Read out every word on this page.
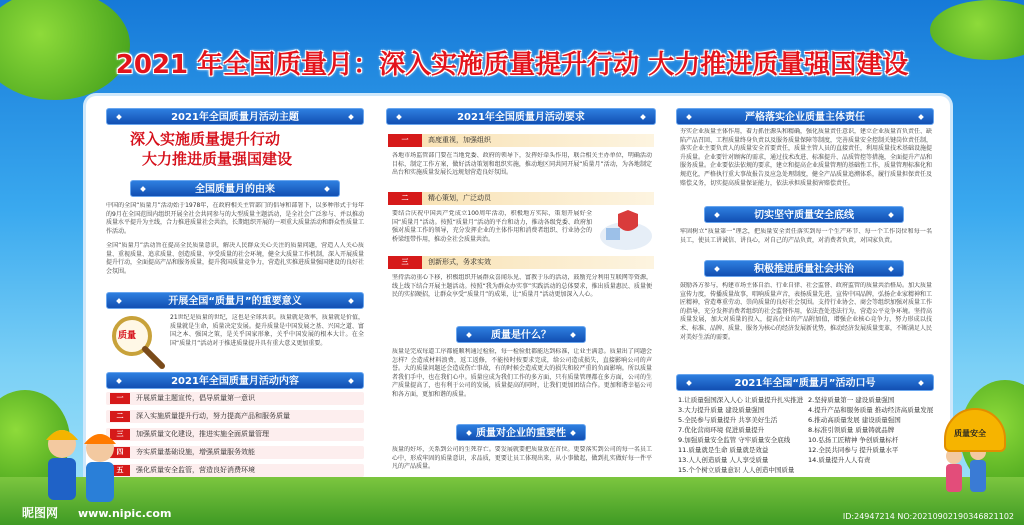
2021 年全国质量月：深入实施质量提升行动 大力推进质量强国建设
2021年全国质量月活动主题
深入实施质量提升行动
大力推进质量强国建设
全国质量月的由来
中国的全国“质量月”活动始于1978年，在政府相关主管部门的倡导和部署下，以多种形式于每年的9月在全国范围内组织开展全社会共同参与的大型质量主题活动，是全社会广泛参与、并以推动质量水平提升为主线，合力推进质量社会共治，长期组织开展的一项重大质量活动和群众性质量工作活动。
全国“质量月”活动旨在提高全民质量意识，解决人民群众关心关注的质量问题，营造人人关心质量、重视质量、追求质量、创造质量、享受质量的社会环境，健全大质量工作机制，深入开展质量提升行动，全面提高产品和服务质量，提升我国质量竞争力，营造扎实推进质量强国建设的良好社会氛围。
开展全国“质量月”的重要意义
21世纪是质量的世纪，这也是全球共识。质量就是效率，质量就是价值，质量就是生命，质量决定发展。提升质量是中国发展之基、兴国之道、富国之本、强国之策，是关乎国家形象，关乎中国发展的根本大计。在全国“质量月”活动对于推进质量提升具有重大意义更加重要。
质量
2021年全国质量月活动内容
一 开展质量主题宣传，倡导质量第一意识
二 深入实施质量提升行动，努力提高产品和服务质量
三 加强质量文化建设，推进实施全面质量管理
四 夯实质量基础设施，增强质量服务效能
五 强化质量安全监管，营造良好消费环境
2021年全国质量月活动要求
一	高度重视，加强组织
各地市场监管部门要在当地党委、政府的领导下，发挥好牵头作用，联合相关主办单位，明确活动目标，制定工作方案，做好活动策划和组织实施，推动地区同共同开展“质量月”活动，为各地制定出台和实施质量发展长远规划营造良好氛围。
二	精心策划，广泛动员
要结合庆祝中国共产党成立100周年活动，积极地方实际，策划开展好全国“质量月”活动。按照“质量月”活动的平台和动力，推动各级党委、政府加强对质量工作的领导，充分发挥企业的主体作用和消费者组织、行业协会的桥梁纽带作用，推动全社会质量共治。
三	创新形式，务求实效
坚持活动重心下移，积极组织开展群众喜闻乐见、富教于乐的活动，鼓励充分利用互联网等资源，线上线下结合开展主题活动。按照“我为群众办实事”实践活动的总体要求，推出质量惠民、质量便民的实招硬招，让群众享受“质量月”的成果，让“质量月”活动更加深入人心。
质量是什么？
质量是完成每道工序都能顺利通过检验，每一检验批都能达到标准，让业主满意。质量出了问题会怎样？会造成材料浪费，返工返修，不能按时按要求完成，给公司造成损失，直接影响公司的声誉。大的质量问题还会造成伤亡事故，有的时候会造成更大的损失和较严重的负面影响。所以质量者我们手中，也在我们心中。质量应成为我们工作的多方面，只有质量管理都在多方面，公司的生产质量提高了，也有利于公司的发展，质量提高的同时，让我们更加团结合作。更加和谐幸福公司和各方面，更加和谐的质量。
质量对企业的重要性
质量的好坏，关系到公司的生死存亡。要发展就要把质量放在首位。更要落实到公司的每一名员工心中，形成牢固的质量意识，求品质，更要让员工体现出来，从小事做起，做到扎实做好每一件平凡的产品质量。
严格落实企业质量主体责任
夯实企业质量主体作用，着力抓住源头和精确，强化质量责任意识，建立企业质量首负责任、缺陷产品召回、工程质量终身负责以及服务质量保障等制度，完善质量安全控制关键岗位责任制，落实企业主要负责人的质量安全首要责任，质量主管人员的直接责任，利用质量技术基础设施提升质量。企业要针对顾客的需求，通过技术改进、标准提升、品质管控等措施，全面提升产品和服务质量。企业要依法依规的要求，建立和提高企业质量管理的基础性工作，质量管理标准化和规范化，严格执行重大事故报告及应急处理制度，健全产品质量追溯体系，履行质量担保责任及赔偿义务，切实提高质量保证能力，依法承担质量损害赔偿责任。
切实坚守质量安全底线
牢固树立“质量第一”理念，把质量安全责任落实到每一个生产环节、每一个工作岗位和每一名员工，使员工讲诚信、讲良心，对自己的产品负责，对消费者负责，对国家负责。
积极推进质量社会共治
鼓励各方参与，构建市场主体自治、行业自律、社会监督、政府监管的质量共治格局。加大质量宣传力度，传播质量故事，唱响质量声音，表扬质量先进，宣传中国品牌，弘扬企业家精神和工匠精神，营造尊重劳动、崇尚质量的良好社会氛围。支持行业协会、商会等组织加强对质量工作的指导，充分发挥消费者组织的社会监督作用，依法查处违法行为，营造公平竞争环境。坚持高质量发展，加大对质量的投入，提高企业的产品附加值，增强企业核心竞争力，努力形成以技术、标准、品牌、质量、服务为核心的经济发展新优势，推动经济发展质量变革，不断满足人民对美好生活的需要。
2021年全国“质量月”活动口号
1.让质量强国深入人心 让质量提升扎实推进 2.坚持质量第一 建设质量强国
3.大力提升质量 建设质量强国	4.提升产品和服务质量 推动经济高质量发展
5.全民参与质量提升 共享美好生活	6.推动高质量发展 建设质量强国
7.优化营商环境 促进质量提升	8.标准引领质量 质量铸就品牌
9.加强质量安全监管 守牢质量安全底线	10.弘扬工匠精神 争创质量标杆
11.质量就是生命 质量就是效益	12.全民共同参与 提升质量水平
13.人人创造质量 人人享受质量	14.质量提升人人有责
15.个个树立质量意识 人人创造中国质量
质量安全
昵图网 www.nipic.com	ID:24947214 NO:20210902190346821102
